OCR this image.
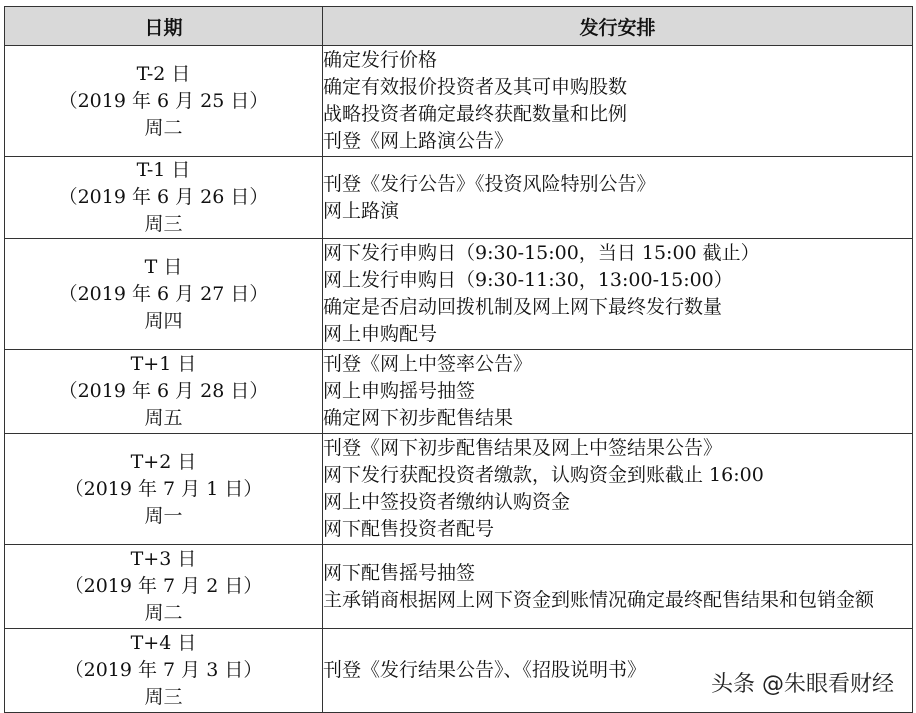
日期	发行安排

T-2 日
（2019 年 6 月 25 日）
周二	确定发行价格
确定有效报价投资者及其可申购股数
战略投资者确定最终获配数量和比例
刊登《网上路演公告》

T-1 日
（2019 年 6 月 26 日）
周三	刊登《发行公告》《投资风险特别公告》
网上路演

T 日
（2019 年 6 月 27 日）
周四	网下发行申购日（9:30-15:00，当日 15:00 截止）
网上发行申购日（9:30-11:30，13:00-15:00）
确定是否启动回拨机制及网上网下最终发行数量
网上申购配号

T+1 日
（2019 年 6 月 28 日）
周五	刊登《网上中签率公告》
网上申购摇号抽签
确定网下初步配售结果

T+2 日
（2019 年 7 月 1 日）
周一	刊登《网下初步配售结果及网上中签结果公告》
网下发行获配投资者缴款，认购资金到账截止 16:00
网上中签投资者缴纳认购资金
网下配售投资者配号

T+3 日
（2019 年 7 月 2 日）
周二	网下配售摇号抽签
主承销商根据网上网下资金到账情况确定最终配售结果和包销金额

T+4 日
（2019 年 7 月 3 日）
周三	刊登《发行结果公告》、《招股说明书》
头条 @朱眼看财经
